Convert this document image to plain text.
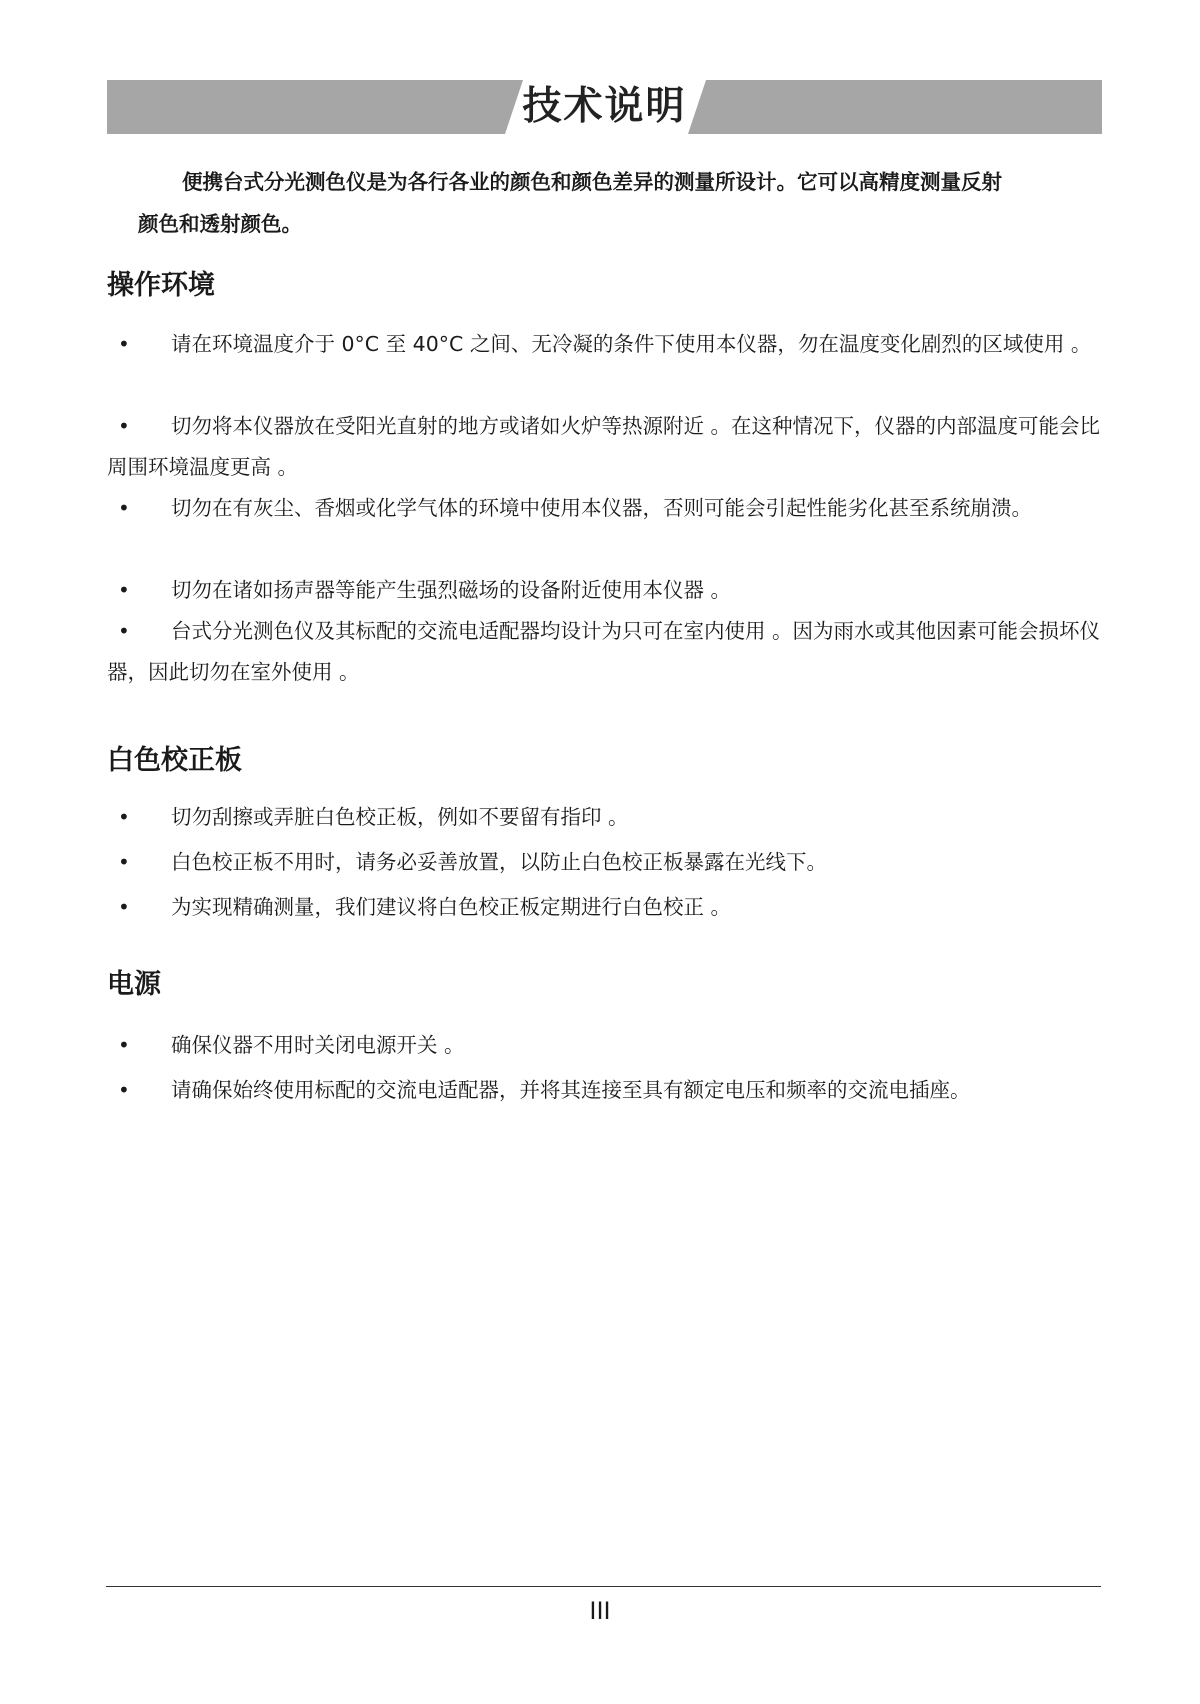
技术说明
便携台式分光测色仪是为各行各业的颜色和颜色差异的测量所设计。它可以高精度测量反射
颜色和透射颜色。
操作环境
• 请在环境温度介于 0°C 至 40°C 之间、无冷凝的条件下使用本仪器，勿在温度变化剧烈的区域使用 。
• 切勿将本仪器放在受阳光直射的地方或诸如火炉等热源附近 。在这种情况下，仪器的内部温度可能会比周围环境温度更高 。
• 切勿在有灰尘、香烟或化学气体的环境中使用本仪器，否则可能会引起性能劣化甚至系统崩溃。
• 切勿在诸如扬声器等能产生强烈磁场的设备附近使用本仪器 。
• 台式分光测色仪及其标配的交流电适配器均设计为只可在室内使用 。因为雨水或其他因素可能会损坏仪器，因此切勿在室外使用 。
白色校正板
• 切勿刮擦或弄脏白色校正板，例如不要留有指印 。
• 白色校正板不用时，请务必妥善放置，以防止白色校正板暴露在光线下。
• 为实现精确测量，我们建议将白色校正板定期进行白色校正 。
电源
• 确保仪器不用时关闭电源开关 。
• 请确保始终使用标配的交流电适配器，并将其连接至具有额定电压和频率的交流电插座。
III
